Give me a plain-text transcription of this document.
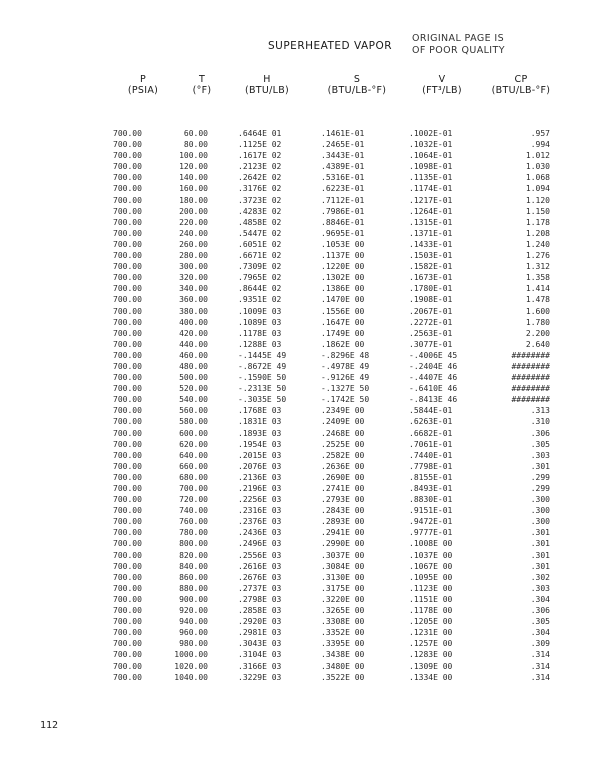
SUPERHEATED VAPOR
ORIGINAL PAGE IS
OF POOR QUALITY
P
(PSIA)
T
(°F)
H
(BTU/LB)
S
(BTU/LB-°F)
V
(FT³/LB)
CP
(BTU/LB-°F)
700.00	60.00	.6464E 01	.1461E-01	.1002E-01	.957
700.00	80.00	.1125E 02	.2465E-01	.1032E-01	.994
700.00	100.00	.1617E 02	.3443E-01	.1064E-01	1.012
700.00	120.00	.2123E 02	.4389E-01	.1098E-01	1.030
700.00	140.00	.2642E 02	.5316E-01	.1135E-01	1.068
700.00	160.00	.3176E 02	.6223E-01	.1174E-01	1.094
700.00	180.00	.3723E 02	.7112E-01	.1217E-01	1.120
700.00	200.00	.4283E 02	.7986E-01	.1264E-01	1.150
700.00	220.00	.4858E 02	.8846E-01	.1315E-01	1.178
700.00	240.00	.5447E 02	.9695E-01	.1371E-01	1.208
700.00	260.00	.6051E 02	.1053E 00	.1433E-01	1.240
700.00	280.00	.6671E 02	.1137E 00	.1503E-01	1.276
700.00	300.00	.7309E 02	.1220E 00	.1582E-01	1.312
700.00	320.00	.7965E 02	.1302E 00	.1673E-01	1.358
700.00	340.00	.8644E 02	.1386E 00	.1780E-01	1.414
700.00	360.00	.9351E 02	.1470E 00	.1908E-01	1.478
700.00	380.00	.1009E 03	.1556E 00	.2067E-01	1.600
700.00	400.00	.1089E 03	.1647E 00	.2272E-01	1.780
700.00	420.00	.1178E 03	.1749E 00	.2563E-01	2.200
700.00	440.00	.1288E 03	.1862E 00	.3077E-01	2.640
700.00	460.00	-.1445E 49	-.8296E 48	-.4006E 45	########
700.00	480.00	-.8672E 49	-.4978E 49	-.2404E 46	########
700.00	500.00	-.1590E 50	-.9126E 49	-.4407E 46	########
700.00	520.00	-.2313E 50	-.1327E 50	-.6410E 46	########
700.00	540.00	-.3035E 50	-.1742E 50	-.8413E 46	########
700.00	560.00	.1768E 03	.2349E 00	.5844E-01	.313
700.00	580.00	.1831E 03	.2409E 00	.6263E-01	.310
700.00	600.00	.1893E 03	.2468E 00	.6682E-01	.306
700.00	620.00	.1954E 03	.2525E 00	.7061E-01	.305
700.00	640.00	.2015E 03	.2582E 00	.7440E-01	.303
700.00	660.00	.2076E 03	.2636E 00	.7798E-01	.301
700.00	680.00	.2136E 03	.2690E 00	.8155E-01	.299
700.00	700.00	.2196E 03	.2741E 00	.8493E-01	.299
700.00	720.00	.2256E 03	.2793E 00	.8830E-01	.300
700.00	740.00	.2316E 03	.2843E 00	.9151E-01	.300
700.00	760.00	.2376E 03	.2893E 00	.9472E-01	.300
700.00	780.00	.2436E 03	.2941E 00	.9777E-01	.301
700.00	800.00	.2496E 03	.2990E 00	.1008E 00	.301
700.00	820.00	.2556E 03	.3037E 00	.1037E 00	.301
700.00	840.00	.2616E 03	.3084E 00	.1067E 00	.301
700.00	860.00	.2676E 03	.3130E 00	.1095E 00	.302
700.00	880.00	.2737E 03	.3175E 00	.1123E 00	.303
700.00	900.00	.2798E 03	.3220E 00	.1151E 00	.304
700.00	920.00	.2858E 03	.3265E 00	.1178E 00	.306
700.00	940.00	.2920E 03	.3308E 00	.1205E 00	.305
700.00	960.00	.2981E 03	.3352E 00	.1231E 00	.304
700.00	980.00	.3043E 03	.3395E 00	.1257E 00	.309
700.00	1000.00	.3104E 03	.3438E 00	.1283E 00	.314
700.00	1020.00	.3166E 03	.3480E 00	.1309E 00	.314
700.00	1040.00	.3229E 03	.3522E 00	.1334E 00	.314
112
